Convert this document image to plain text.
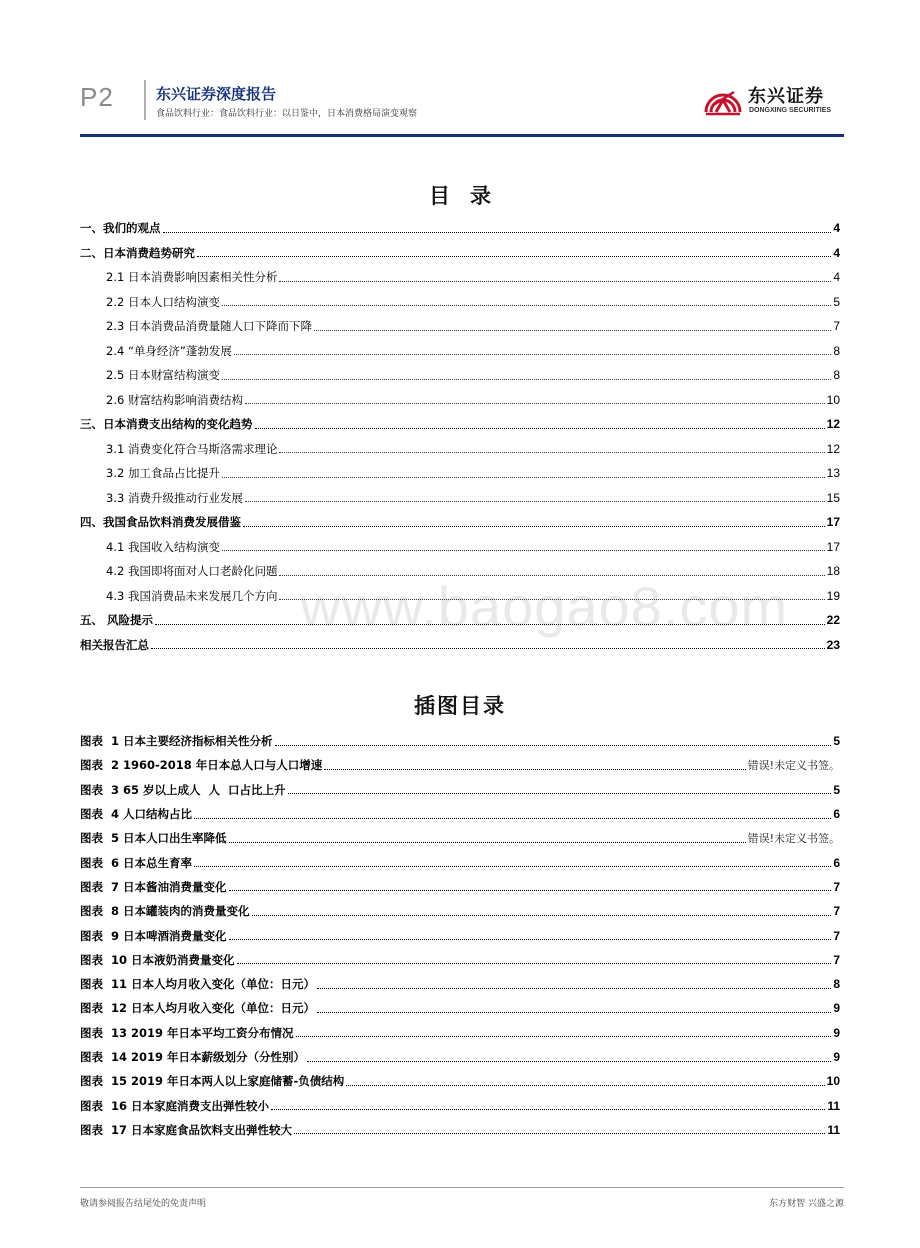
P2	东兴证券深度报告
食品饮料行业：食品饮料行业：以日鉴中，日本消费格局演变观察
东兴证券
DONGXING SECURITIES
www.baogao8.com
目录
一、我们的观点	4
二、日本消费趋势研究	4
2.1 日本消费影响因素相关性分析	4
2.2 日本人口结构演变	5
2.3 日本消费品消费量随人口下降而下降	7
2.4 “单身经济”蓬勃发展	8
2.5 日本财富结构演变	8
2.6 财富结构影响消费结构	10
三、日本消费支出结构的变化趋势	12
3.1 消费变化符合马斯洛需求理论	12
3.2 加工食品占比提升	13
3.3 消费升级推动行业发展	15
四、我国食品饮料消费发展借鉴	17
4.1 我国收入结构演变	17
4.2 我国即将面对人口老龄化问题	18
4.3 我国消费品未来发展几个方向	19
五、 风险提示	22
相关报告汇总	23
插图目录
图表  1 日本主要经济指标相关性分析	5
图表  2 1960-2018 年日本总人口与人口增速	错误!未定义书签。
图表  3 65 岁以上成人  人  口占比上升	5
图表  4 人口结构占比	6
图表  5 日本人口出生率降低	错误!未定义书签。
图表  6 日本总生育率	6
图表  7 日本酱油消费量变化	7
图表  8 日本罐装肉的消费量变化	7
图表  9 日本啤酒消费量变化	7
图表  10 日本液奶消费量变化	7
图表  11 日本人均月收入变化（单位：日元）	8
图表  12 日本人均月收入变化（单位：日元）	9
图表  13 2019 年日本平均工资分布情况	9
图表  14 2019 年日本薪级划分（分性别）	9
图表  15 2019 年日本两人以上家庭储蓄-负债结构	10
图表  16 日本家庭消费支出弹性较小	11
图表  17 日本家庭食品饮料支出弹性较大	11
敬请参阅报告结尾处的免责声明	东方财智 兴盛之源
